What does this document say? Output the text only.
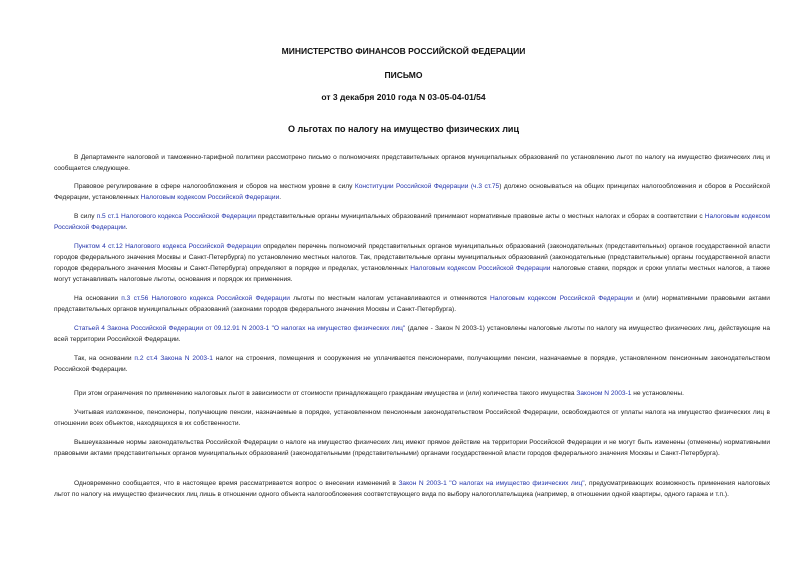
МИНИСТЕРСТВО ФИНАНСОВ РОССИЙСКОЙ ФЕДЕРАЦИИ
ПИСЬМО
от 3 декабря 2010 года N 03-05-04-01/54
О льготах по налогу на имущество физических лиц
В Департаменте налоговой и таможенно-тарифной политики рассмотрено письмо о полномочиях представительных органов муниципальных образований по установлению льгот по налогу на имущество физических лиц и сообщается следующее.
Правовое регулирование в сфере налогообложения и сборов на местном уровне в силу Конституции Российской Федерации (ч.3 ст.75) должно основываться на общих принципах налогообложения и сборов в Российской Федерации, установленных Налоговым кодексом Российской Федерации.
В силу п.5 ст.1 Налогового кодекса Российской Федерации представительные органы муниципальных образований принимают нормативные правовые акты о местных налогах и сборах в соответствии с Налоговым кодексом Российской Федерации.
Пунктом 4 ст.12 Налогового кодекса Российской Федерации определен перечень полномочий представительных органов муниципальных образований (законодательных (представительных) органов государственной власти городов федерального значения Москвы и Санкт-Петербурга) по установлению местных налогов. Так, представительные органы муниципальных образований (законодательные (представительные) органы государственной власти городов федерального значения Москвы и Санкт-Петербурга) определяют в порядке и пределах, установленных Налоговым кодексом Российской Федерации налоговые ставки, порядок и сроки уплаты местных налогов, а также могут устанавливать налоговые льготы, основания и порядок их применения.
На основании п.3 ст.56 Налогового кодекса Российской Федерации льготы по местным налогам устанавливаются и отменяются Налоговым кодексом Российской Федерации и (или) нормативными правовыми актами представительных органов муниципальных образований (законами городов федерального значения Москвы и Санкт-Петербурга).
Статьей 4 Закона Российской Федерации от 09.12.91 N 2003-1 "О налогах на имущество физических лиц" (далее - Закон N 2003-1) установлены налоговые льготы по налогу на имущество физических лиц, действующие на всей территории Российской Федерации.
Так, на основании п.2 ст.4 Закона N 2003-1 налог на строения, помещения и сооружения не уплачивается пенсионерами, получающими пенсии, назначаемые в порядке, установленном пенсионным законодательством Российской Федерации.
При этом ограничения по применению налоговых льгот в зависимости от стоимости принадлежащего гражданам имущества и (или) количества такого имущества Законом N 2003-1 не установлены.
Учитывая изложенное, пенсионеры, получающие пенсии, назначаемые в порядке, установленном пенсионным законодательством Российской Федерации, освобождаются от уплаты налога на имущество физических лиц в отношении всех объектов, находящихся в их собственности.
Вышеуказанные нормы законодательства Российской Федерации о налоге на имущество физических лиц имеют прямое действие на территории Российской Федерации и не могут быть изменены (отменены) нормативными правовыми актами представительных органов муниципальных образований (законодательными (представительными) органами государственной власти городов федерального значения Москвы и Санкт-Петербурга).
Одновременно сообщается, что в настоящее время рассматривается вопрос о внесении изменений в Закон N 2003-1 "О налогах на имущество физических лиц", предусматривающих возможность применения налоговых льгот по налогу на имущество физических лиц лишь в отношении одного объекта налогообложения соответствующего вида по выбору налогоплательщика (например, в отношении одной квартиры, одного гаража и т.п.).
